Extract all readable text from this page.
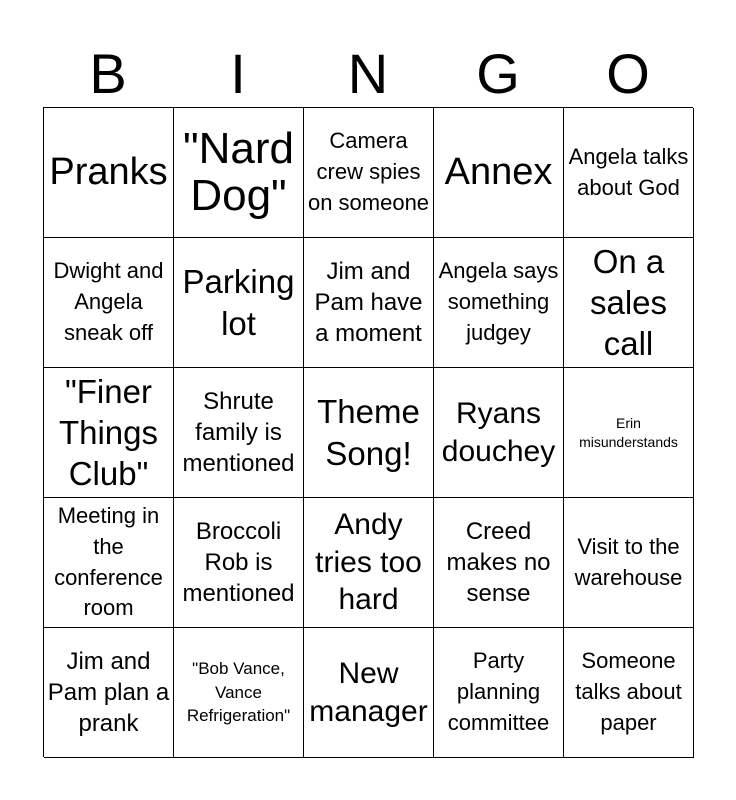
B	I	N	G	O
Pranks "Nard Dog"
Camera crew spies on someone
Annex Angela talks about God
Dwight and Angela sneak off
Parking lot
Jim and Pam have a moment
Angela says something judgey
On a sales call
"Finer Things Club"
Shrute family is mentioned
Theme Song!
Ryans douchey
Erin misunderstands
Meeting in the conference room
Broccoli Rob is mentioned
Andy tries too hard
Creed makes no sense
Visit to the warehouse
Jim and Pam plan a prank
"Bob Vance, Vance Refrigeration"
New manager
Party planning committee
Someone talks about paper
